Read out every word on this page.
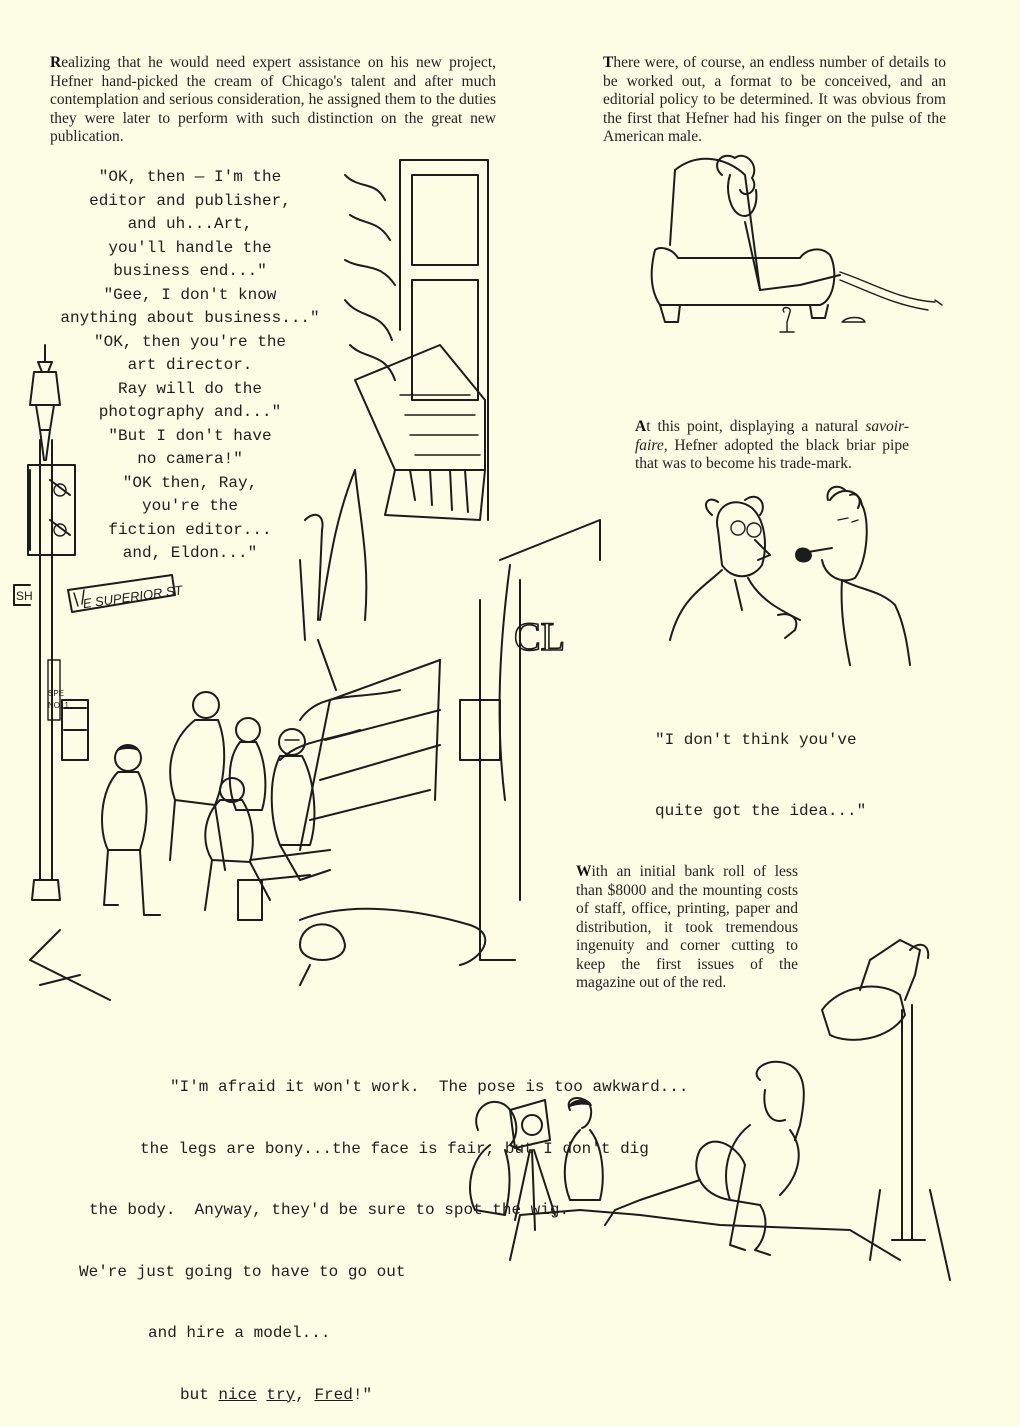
Realizing that he would need expert assistance on his new project, Hefner hand-picked the cream of Chicago's talent and after much contemplation and serious consideration, he assigned them to the duties they were later to perform with such distinction on the great new publication.
There were, of course, an endless number of details to be worked out, a format to be conceived, and an editorial policy to be determined. It was obvious from the first that Hefner had his finger on the pulse of the American male.
"OK, then — I'm the
editor and publisher,
and uh...Art,
you'll handle the
business end..."
"Gee, I don't know
anything about business..."
"OK, then you're the
art director.
Ray will do the
photography and..."
"But I don't have
no camera!"
"OK then, Ray,
you're the
fiction editor...
and, Eldon..."
At this point, displaying a natural savoir-faire, Hefner adopted the black briar pipe that was to become his trade-mark.

"I don't think you've

quite got the idea..."

With an initial bank roll of less than $8000 and the mounting costs of staff, office, printing, paper and distribution, it took tremendous ingenuity and corner cutting to keep the first issues of the magazine out of the red.

"I'm afraid it won't work.  The pose is too awkward...

the legs are bony...the face is fair, but I don't dig

the body.  Anyway, they'd be sure to spot the wig.

We're just going to have to go out

and hire a model...

but nice try, Fred!"

E SUPERIOR ST
SH
SPE
NO. 1
CL
